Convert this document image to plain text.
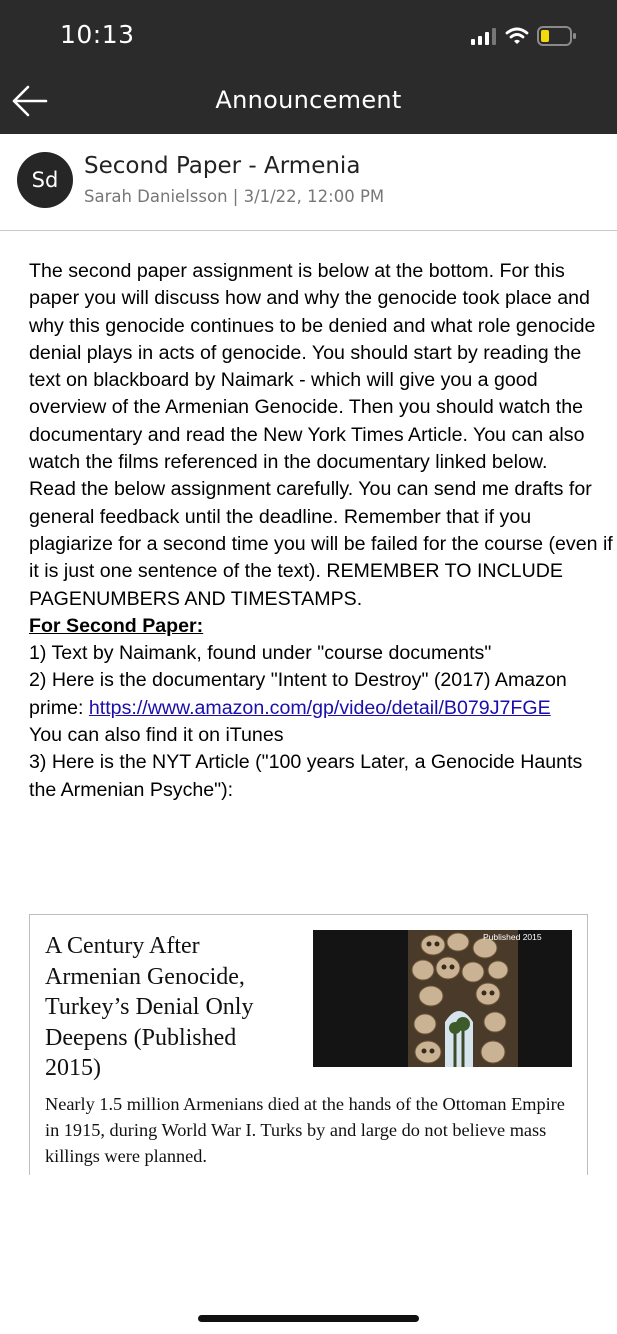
10:13
Announcement
Sd
Second Paper - Armenia
Sarah Danielsson | 3/1/22, 12:00 PM

The second paper assignment is below at the bottom. For this paper you will discuss how and why the genocide took place and why this genocide continues to be denied and what role genocide denial plays in acts of genocide. You should start by reading the text on blackboard by Naimark - which will give you a good overview of the Armenian Genocide. Then you should watch the documentary and read the New York Times Article. You can also watch the films referenced in the documentary linked below.

Read the below assignment carefully. You can send me drafts for general feedback until the deadline. Remember that if you plagiarize for a second time you will be failed for the course (even if it is just one sentence of the text). REMEMBER TO INCLUDE PAGENUMBERS AND TIMESTAMPS.

For Second Paper:

1) Text by Naimank, found under "course documents"

2) Here is the documentary "Intent to Destroy" (2017) Amazon

prime: https://www.amazon.com/gp/video/detail/B079J7FGE

You can also find it on iTunes

3) Here is the NYT Article ("100 years Later, a Genocide Haunts the Armenian Psyche"):

A Century After Armenian Genocide, Turkey’s Denial Only Deepens (Published 2015)
Published 2015
Nearly 1.5 million Armenians died at the hands of the Ottoman Empire in 1915, during World War I. Turks by and large do not believe mass killings were planned.
